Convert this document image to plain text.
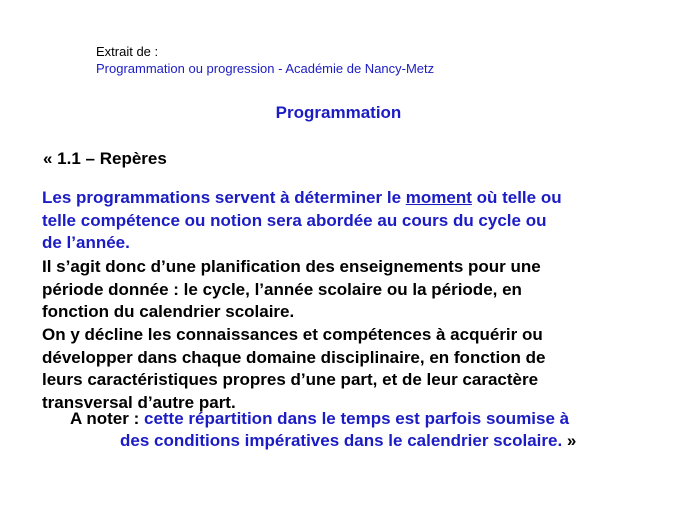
Extrait de :
Programmation ou progression - Académie de Nancy-Metz
Programmation
« 1.1 – Repères
Les programmations servent à déterminer le moment où telle ou
telle compétence ou notion sera abordée au cours du cycle ou
de l’année.
Il s’agit donc d’une planification des enseignements pour une
période donnée : le cycle, l’année scolaire ou la période, en
fonction du calendrier scolaire.
On y décline les connaissances et compétences à acquérir ou
développer dans chaque domaine disciplinaire, en fonction de
leurs caractéristiques propres d’une part, et de leur caractère
transversal d’autre part.
A noter : cette répartition dans le temps est parfois soumise à
des conditions impératives dans le calendrier scolaire. »
